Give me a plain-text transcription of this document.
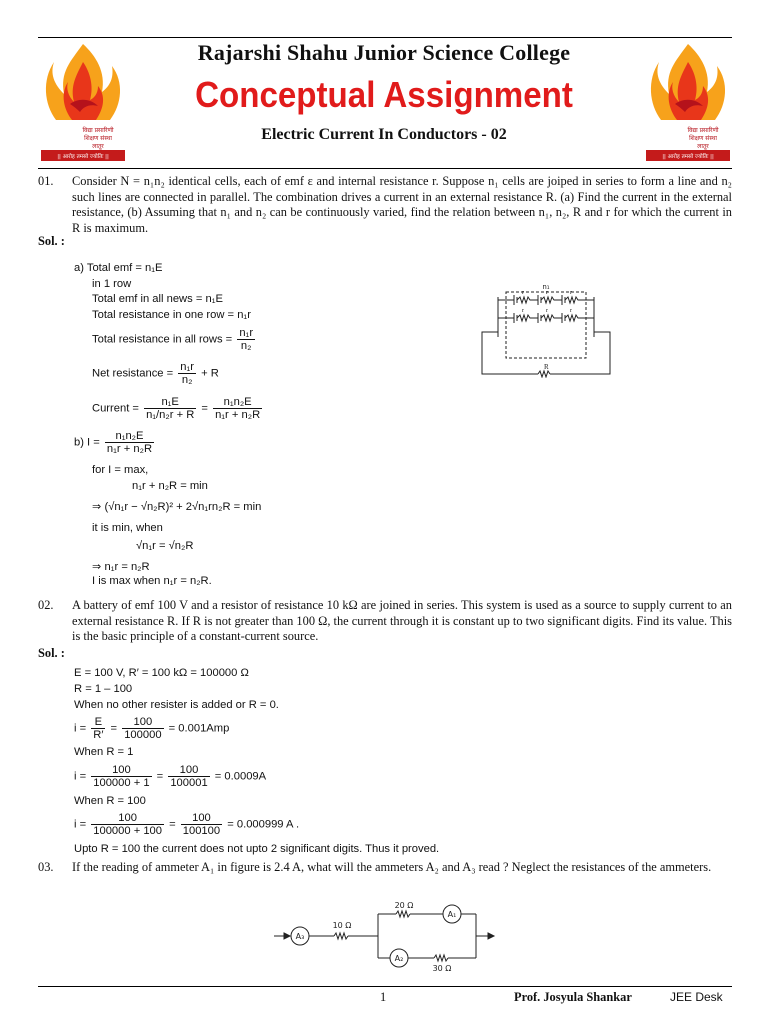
विद्या प्रसारिणी
शिक्षण संस्था
लातूर
|| आरोह तमसो ज्योतिः ||
विद्या प्रसारिणी
शिक्षण संस्था
लातूर
|| आरोह तमसो ज्योतिः ||
Rajarshi Shahu Junior Science College
Conceptual Assignment
Electric Current In Conductors - 02
01. Consider N = n₁n₂ identical cells, each of emf ε and internal resistance r. Suppose n₁ cells are joiped in series to form a line and n₂ such lines are connected in parallel. The combination drives a current in an external resistance R. (a) Find the current in the external resistance, (b) Assuming that n₁ and n₂ can be continuously varied, find the relation between n₁, n₂, R and r for which the current in R is maximum.
Sol. :
a) Total emf = n₁E
in 1 row
Total emf in all news = n₁E
Total resistance in one row = n₁r
Total resistance in all rows = $\frac{\text{n₁r}}{\text{n₂}}$
Net resistance = $\frac{\text{n₁r}}{\text{n₂}} + R$
Current = $\frac{\text{n₁E}}{\text{n₁/n₂r + R}} = \frac{\text{n₁n₂E}}{\text{n₁r + n₂R}}$
b) $I = \frac{\text{n₁n₂E}}{\text{n₁r + n₂R}}$
for I = max,
n₁r + n₂R = min
⇒ (√n₁r − √n₂R)² + 2√n₁rn₂R = min
it is min, when
√n₁r = √n₂R
⇒ n₁r = n₂R
I is max when n₁r = n₂R.
n₁
r	r	r
r	r	r
R
02. A battery of emf 100 V and a resistor of resistance 10 kΩ are joined in series. This system is used as a source to supply current to an external resistance R. If R is not greater than 100 Ω, the current through it is constant up to two significant digits. Find its value. This is the basic principle of a constant-current source.
Sol. :
E = 100 V, R′ = 100 kΩ = 100000 Ω
R = 1 – 100
When no other resister is added or R = 0.
$i = \frac{E}{R'} = \frac{100}{100000} = 0.001Amp$
When R = 1
$i = \frac{100}{100000 + 1} = \frac{100}{100001} = 0.0009A$
When R = 100
$i = \frac{100}{100000 + 100} = \frac{100}{100100} = 0.000999$ A .
Upto R = 100 the current does not upto 2 significant digits. Thus it proved.
03. If the reading of ammeter A₁ in figure is 2.4 A, what will the ammeters A₂ and A₃ read ? Neglect the resistances of the ammeters.
A₃
10 Ω
20 Ω
A₁
A₂
30 Ω
1	Prof. Josyula Shankar	JEE Desk
